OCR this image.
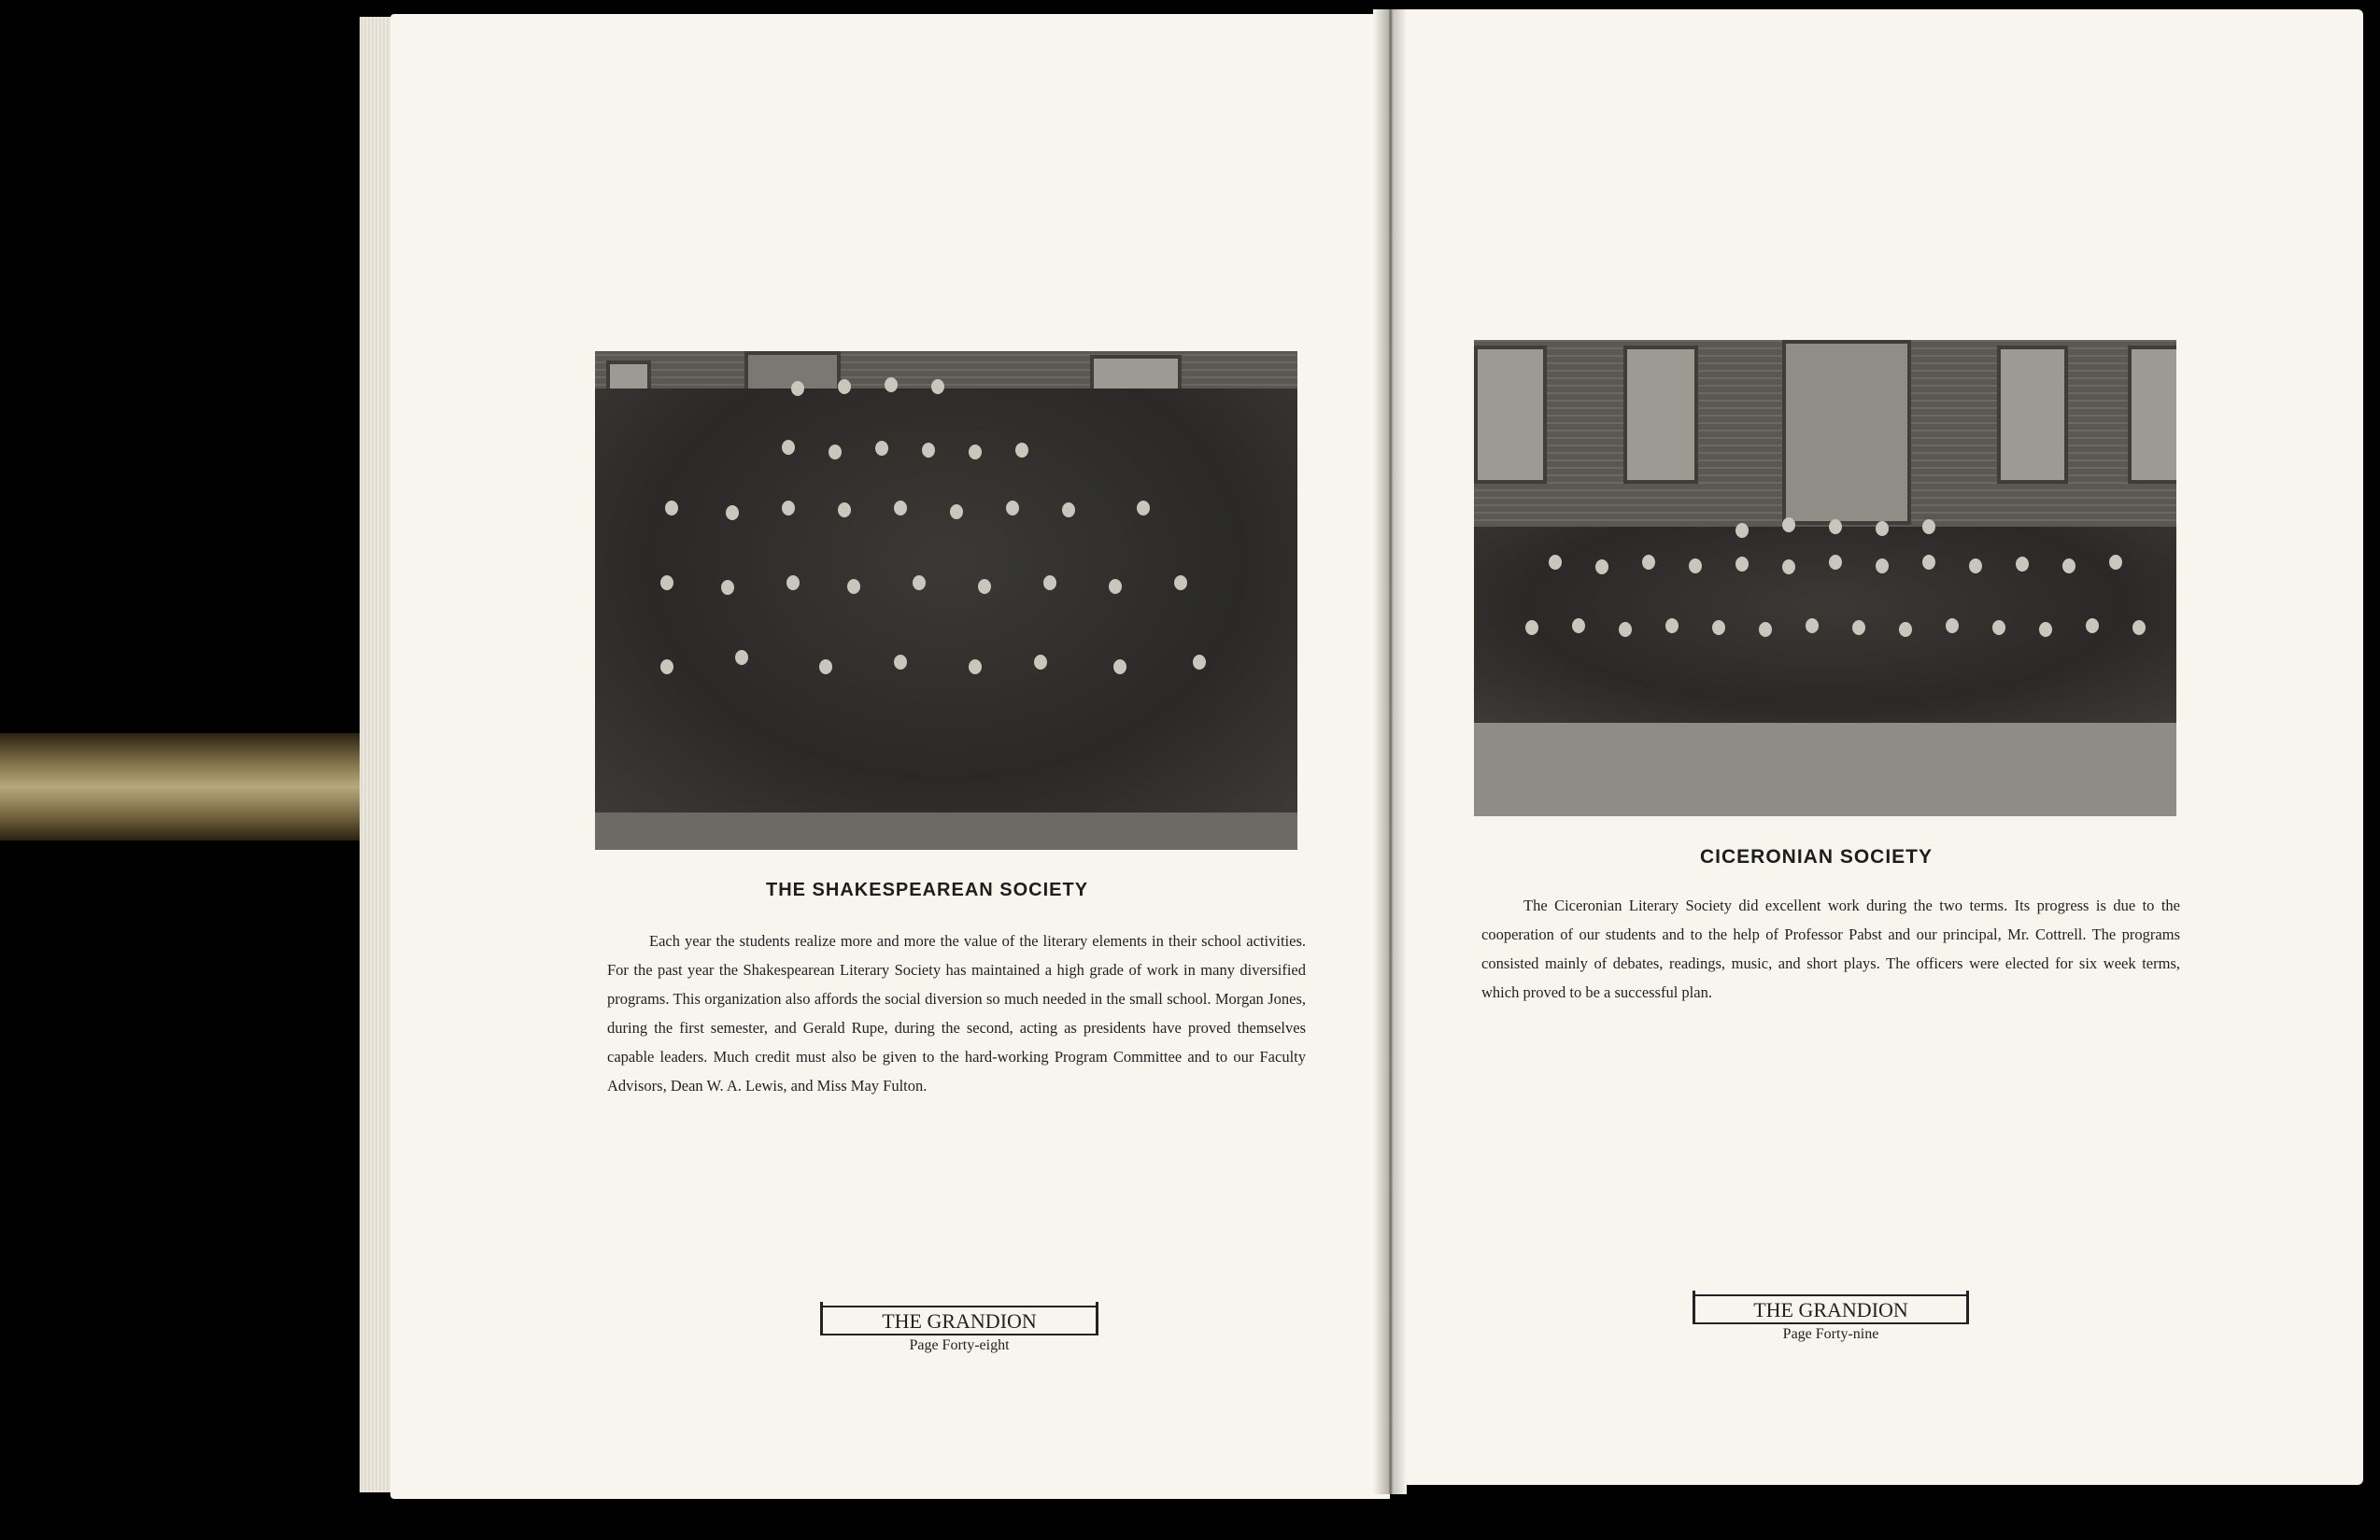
THE SHAKESPEAREAN SOCIETY

Each year the students realize more and more the value of the literary elements in their school activities. For the past year the Shakespearean Literary Society has maintained a high grade of work in many diversified programs. This organization also affords the social diversion so much needed in the small school. Morgan Jones, during the first semester, and Gerald Rupe, during the second, acting as presidents have proved themselves capable leaders. Much credit must also be given to the hard-working Program Committee and to our Faculty Advisors, Dean W. A. Lewis, and Miss May Fulton.

THE GRANDION
Page Forty-eight
CICERONIAN SOCIETY

The Ciceronian Literary Society did excellent work during the two terms. Its progress is due to the cooperation of our students and to the help of Professor Pabst and our principal, Mr. Cottrell. The programs consisted mainly of debates, readings, music, and short plays. The officers were elected for six week terms, which proved to be a successful plan.

THE GRANDION
Page Forty-nine
